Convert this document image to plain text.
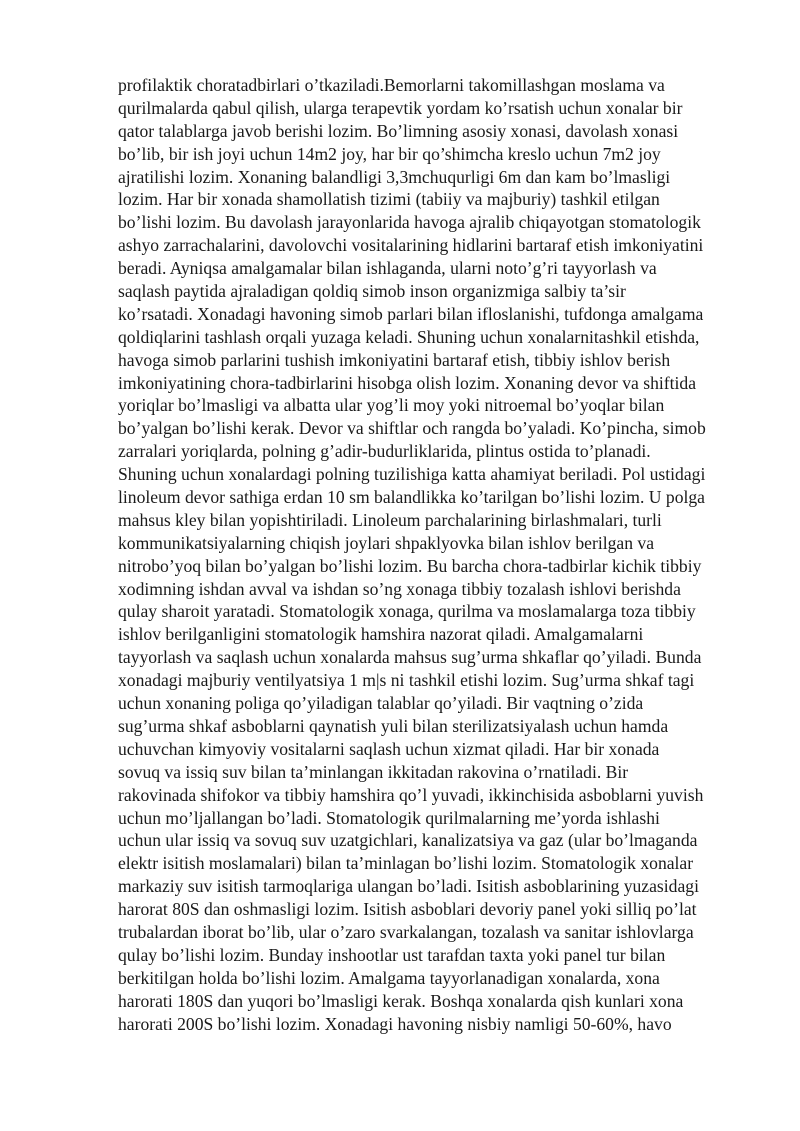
profilaktik choratadbirlari o’tkaziladi.Bemorlarni takomillashgan moslama va
qurilmalarda qabul qilish, ularga terapevtik yordam ko’rsatish uchun xonalar bir
qator talablarga javob berishi lozim. Bo’limning asosiy xonasi, davolash xonasi
bo’lib, bir ish joyi uchun 14m2 joy, har bir qo’shimcha kreslo uchun 7m2 joy
ajratilishi lozim. Xonaning balandligi 3,3mchuqurligi 6m dan kam bo’lmasligi
lozim. Har bir xonada shamollatish tizimi (tabiiy va majburiy) tashkil etilgan
bo’lishi lozim. Bu davolash jarayonlarida havoga ajralib chiqayotgan stomatologik
ashyo zarrachalarini, davolovchi vositalarining hidlarini bartaraf etish imkoniyatini
beradi. Ayniqsa amalgamalar bilan ishlaganda, ularni noto’g’ri tayyorlash va
saqlash paytida ajraladigan qoldiq simob inson organizmiga salbiy ta’sir
ko’rsatadi. Xonadagi havoning simob parlari bilan ifloslanishi, tufdonga amalgama
qoldiqlarini tashlash orqali yuzaga keladi. Shuning uchun xonalarnitashkil etishda,
havoga simob parlarini tushish imkoniyatini bartaraf etish, tibbiy ishlov berish
imkoniyatining chora-tadbirlarini hisobga olish lozim. Xonaning devor va shiftida
yoriqlar bo’lmasligi va albatta ular yog’li moy yoki nitroemal bo’yoqlar bilan
bo’yalgan bo’lishi kerak. Devor va shiftlar och rangda bo’yaladi. Ko’pincha, simob
zarralari yoriqlarda, polning g’adir-budurliklarida, plintus ostida to’planadi.
Shuning uchun xonalardagi polning tuzilishiga katta ahamiyat beriladi. Pol ustidagi
linoleum devor sathiga erdan 10 sm balandlikka ko’tarilgan bo’lishi lozim. U polga
mahsus kley bilan yopishtiriladi. Linoleum parchalarining birlashmalari, turli
kommunikatsiyalarning chiqish joylari shpaklyovka bilan ishlov berilgan va
nitrobo’yoq bilan bo’yalgan bo’lishi lozim. Bu barcha chora-tadbirlar kichik tibbiy
xodimning ishdan avval va ishdan so’ng xonaga tibbiy tozalash ishlovi berishda
qulay sharoit yaratadi. Stomatologik xonaga, qurilma va moslamalarga toza tibbiy
ishlov berilganligini stomatologik hamshira nazorat qiladi. Amalgamalarni
tayyorlash va saqlash uchun xonalarda mahsus sug’urma shkaflar qo’yiladi. Bunda
xonadagi majburiy ventilyatsiya 1 m|s ni tashkil etishi lozim. Sug’urma shkaf tagi
uchun xonaning poliga qo’yiladigan talablar qo’yiladi. Bir vaqtning o’zida
sug’urma shkaf asboblarni qaynatish yuli bilan sterilizatsiyalash uchun hamda
uchuvchan kimyoviy vositalarni saqlash uchun xizmat qiladi. Har bir xonada
sovuq va issiq suv bilan ta’minlangan ikkitadan rakovina o’rnatiladi. Bir
rakovinada shifokor va tibbiy hamshira qo’l yuvadi, ikkinchisida asboblarni yuvish
uchun mo’ljallangan bo’ladi. Stomatologik qurilmalarning me’yorda ishlashi
uchun ular issiq va sovuq suv uzatgichlari, kanalizatsiya va gaz (ular bo’lmaganda
elektr isitish moslamalari) bilan ta’minlagan bo’lishi lozim. Stomatologik xonalar
markaziy suv isitish tarmoqlariga ulangan bo’ladi. Isitish asboblarining yuzasidagi
harorat 80S dan oshmasligi lozim. Isitish asboblari devoriy panel yoki silliq po’lat
trubalardan iborat bo’lib, ular o’zaro svarkalangan, tozalash va sanitar ishlovlarga
qulay bo’lishi lozim. Bunday inshootlar ust tarafdan taxta yoki panel tur bilan
berkitilgan holda bo’lishi lozim. Amalgama tayyorlanadigan xonalarda, xona
harorati 180S dan yuqori bo’lmasligi kerak. Boshqa xonalarda qish kunlari xona
harorati 200S bo’lishi lozim. Xonadagi havoning nisbiy namligi 50-60%, havo
